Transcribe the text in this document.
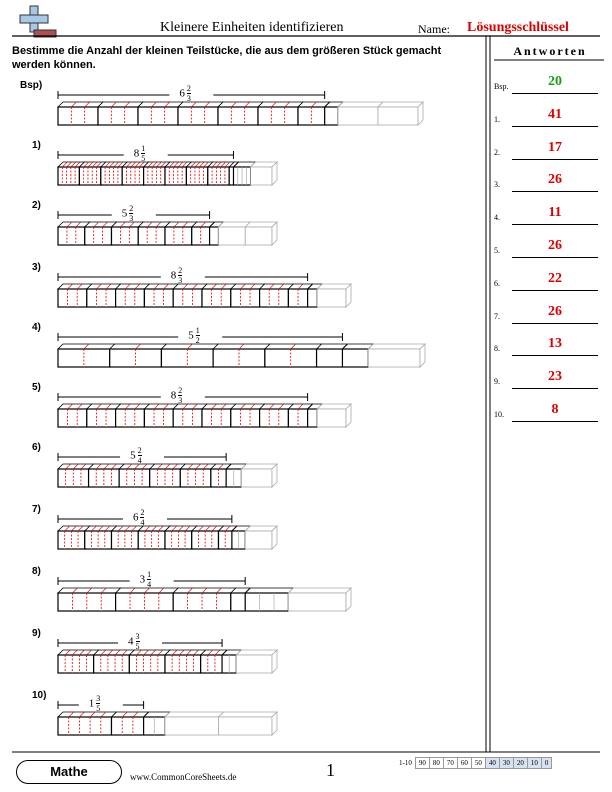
Kleinere Einheiten identifizieren	Name: Lösungsschlüssel
Bestimme die Anzahl der kleinen Teilstücke, die aus dem größeren Stück gemacht werden können.
Antworten
Bsp)
$6 \frac{2}{3}$
1)
$8 \frac{1}{5}$
2)
$5 \frac{2}{3}$
3)
$8 \frac{2}{3}$
4)
$5 \frac{1}{2}$
5)
$8 \frac{2}{3}$
6)
$5 \frac{2}{4}$
7)
$6 \frac{2}{4}$
8)
$3 \frac{1}{4}$
9)
$4 \frac{3}{5}$
10)
$1 \frac{3}{5}$
Bsp.	20
1.	41
2.	17
3.	26
4.	11
5.	26
6.	22
7.	26
8.	13
9.	23
10.	8
Mathe	www.CommonCoreSheets.de	1	1-10	90	80	70	60	50	40	30	20	10	0
